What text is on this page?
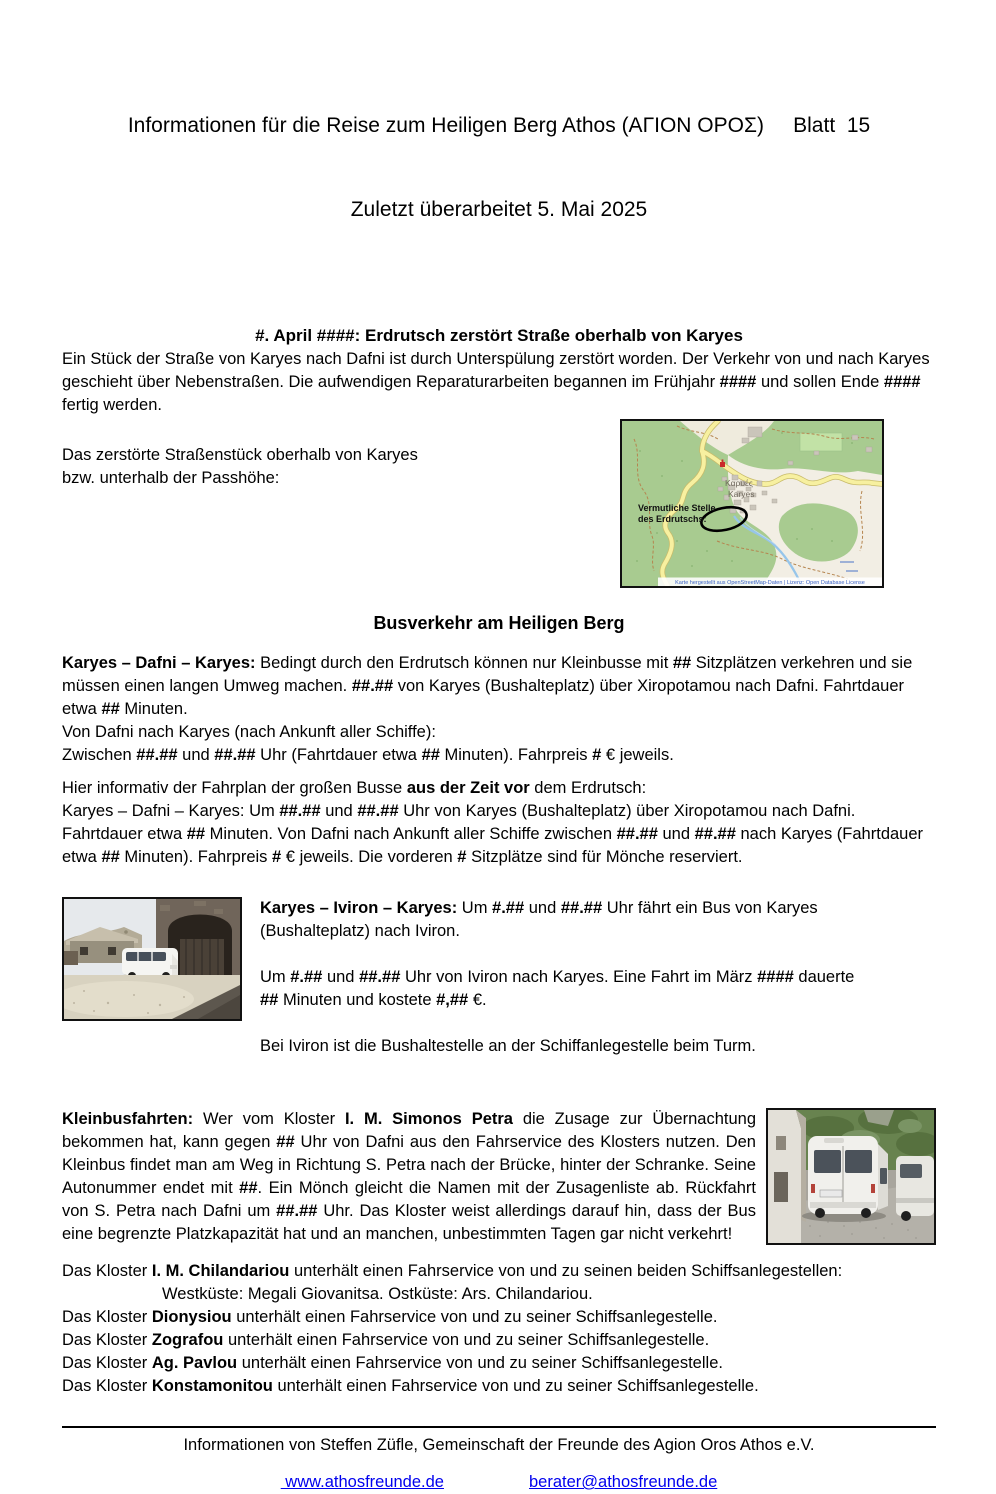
Informationen für die Reise zum Heiligen Berg Athos (ΑΓΙΟΝ ΟΡΟΣ)     Blatt  15

Zuletzt überarbeitet 5. Mai 2025

#. April ####: Erdrutsch zerstört Straße oberhalb von Karyes
Ein Stück der Straße von Karyes nach Dafni ist durch Unterspülung zerstört worden. Der Verkehr von und nach Karyes geschieht über Nebenstraßen. Die aufwendigen Reparaturarbeiten begannen im Frühjahr #### und sollen Ende #### fertig werden.
Das zerstörte Straßenstück oberhalb von Karyes
bzw. unterhalb der Passhöhe:
Vermutliche Stelle
des Erdrutschs:
Καρυές
Karyes
Karte hergestellt aus OpenStreetMap-Daten | Lizenz: Open Database License
Busverkehr am Heiligen Berg
Karyes – Dafni – Karyes: Bedingt durch den Erdrutsch können nur Kleinbusse mit ## Sitzplätzen verkehren und sie müssen einen langen Umweg machen. ##.## von Karyes (Bushalteplatz) über Xiropotamou nach Dafni. Fahrtdauer etwa ## Minuten.
Von Dafni nach Karyes (nach Ankunft aller Schiffe):
Zwischen ##.## und ##.## Uhr (Fahrtdauer etwa ## Minuten). Fahrpreis # € jeweils.
Hier informativ der Fahrplan der großen Busse aus der Zeit vor dem Erdrutsch:
Karyes – Dafni – Karyes: Um ##.## und ##.## Uhr von Karyes (Bushalteplatz) über Xiropotamou nach Dafni. Fahrtdauer etwa ## Minuten. Von Dafni nach Ankunft aller Schiffe zwischen ##.## und ##.## nach Karyes (Fahrtdauer etwa ## Minuten). Fahrpreis # € jeweils. Die vorderen # Sitzplätze sind für Mönche reserviert.

Karyes – Iviron – Karyes: Um #.## und ##.## Uhr fährt ein Bus von Karyes
(Bushalteplatz) nach Iviron.

Um #.## und ##.## Uhr von Iviron nach Karyes. Eine Fahrt im März #### dauerte
## Minuten und kostete #,## €.

Bei Iviron ist die Bushaltestelle an der Schiffanlegestelle beim Turm.

Kleinbusfahrten: Wer vom Kloster I. M. Simonos Petra die Zusage zur Übernachtung bekommen hat, kann gegen ## Uhr von Dafni aus den Fahrservice des Klosters nutzen. Den Kleinbus findet man am Weg in Richtung S. Petra nach der Brücke, hinter der Schranke. Seine Autonummer endet mit ##. Ein Mönch gleicht die Namen mit der Zusagenliste ab. Rückfahrt von S. Petra nach Dafni um ##.## Uhr. Das Kloster weist allerdings darauf hin, dass der Bus eine begrenzte Platzkapazität hat und an manchen, unbestimmten Tagen gar nicht verkehrt!
Das Kloster I. M. Chilandariou unterhält einen Fahrservice von und zu seinen beiden Schiffsanlegestellen:
Westküste: Megali Giovanitsa. Ostküste: Ars. Chilandariou.
Das Kloster Dionysiou unterhält einen Fahrservice von und zu seiner Schiffsanlegestelle.
Das Kloster Zografou unterhält einen Fahrservice von und zu seiner Schiffsanlegestelle.
Das Kloster Ag. Pavlou unterhält einen Fahrservice von und zu seiner Schiffsanlegestelle.
Das Kloster Konstamonitou unterhält einen Fahrservice von und zu seiner Schiffsanlegestelle.
Informationen von Steffen Züfle, Gemeinschaft der Freunde des Agion Oros Athos e.V.
www.athosfreunde.de	berater@athosfreunde.de
